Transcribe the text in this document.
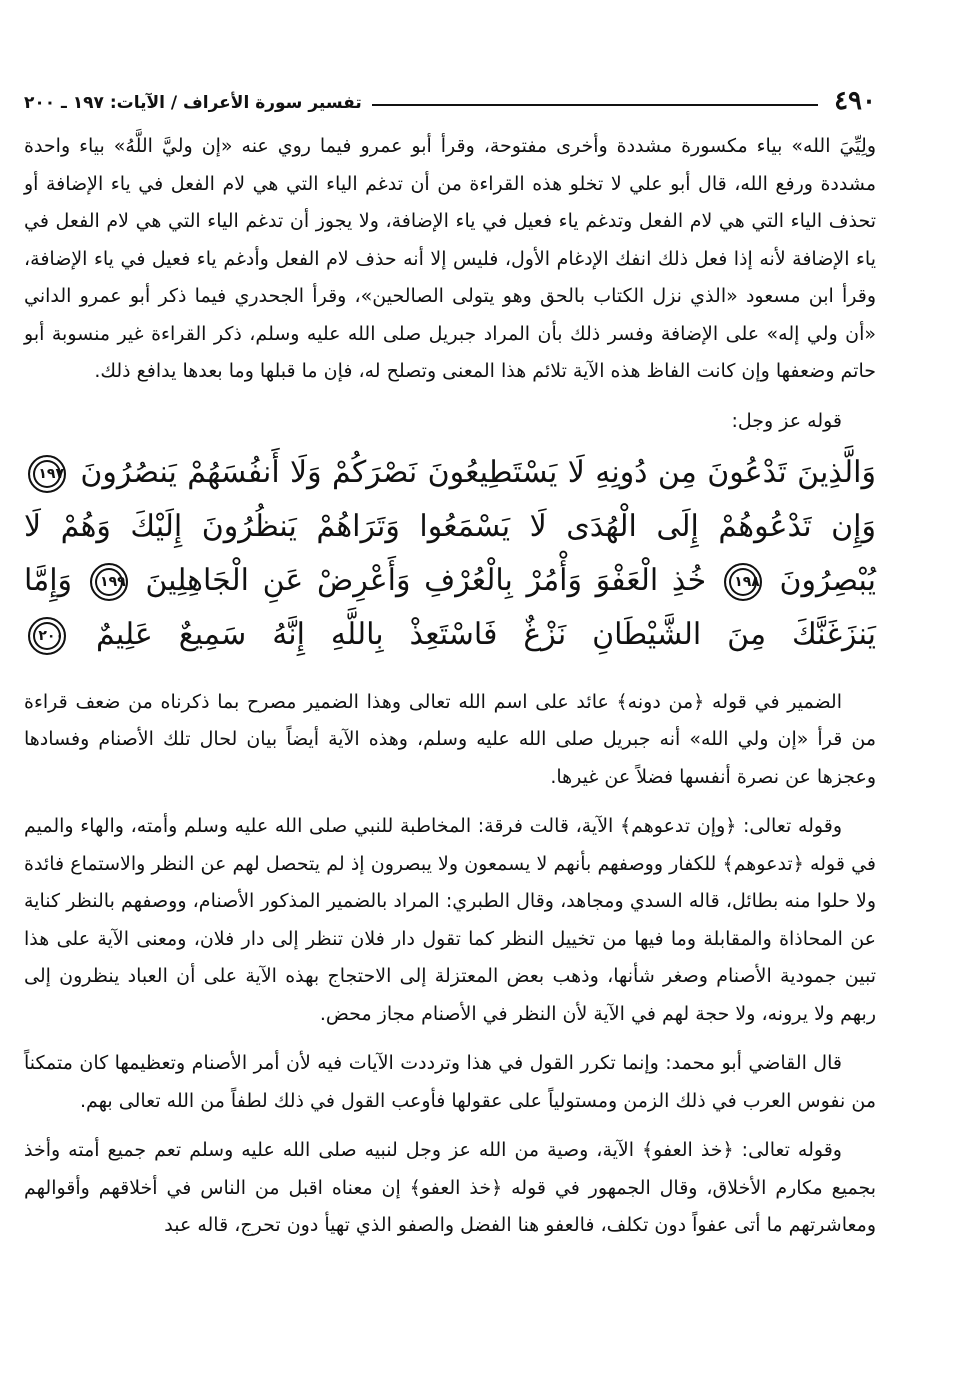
٤٩٠
تفسير سورة الأعراف / الآيات: ١٩٧ ـ ٢٠٠

ولِيِّيَ الله» بياء مكسورة مشددة وأخرى مفتوحة، وقرأ أبو عمرو فيما روي عنه «إن وليَّ اللَّهُ» بياء واحدة مشددة ورفع الله، قال أبو علي لا تخلو هذه القراءة من أن تدغم الياء التي هي لام الفعل في ياء الإضافة أو تحذف الياء التي هي لام الفعل وتدغم ياء فعيل في ياء الإضافة، ولا يجوز أن تدغم الياء التي هي لام الفعل في ياء الإضافة لأنه إذا فعل ذلك انفك الإدغام الأول، فليس إلا أنه حذف لام الفعل وأدغم ياء فعيل في ياء الإضافة، وقرأ ابن مسعود «الذي نزل الكتاب بالحق وهو يتولى الصالحين»، وقرأ الجحدري فيما ذكر أبو عمرو الداني «أن ولي إله» على الإضافة وفسر ذلك بأن المراد جبريل صلى الله عليه وسلم، ذكر القراءة غير منسوبة أبو حاتم وضعفها وإن كانت الفاظ هذه الآية تلائم هذا المعنى وتصلح له، فإن ما قبلها وما بعدها يدافع ذلك.

قوله عز وجل:

وَالَّذِينَ تَدْعُونَ مِن دُونِهِ لَا يَسْتَطِيعُونَ نَصْرَكُمْ وَلَا أَنفُسَهُمْ يَنصُرُونَ ١٩٧ وَإِن تَدْعُوهُمْ إِلَى الْهُدَى لَا يَسْمَعُوا وَتَرَاهُمْ يَنظُرُونَ إِلَيْكَ وَهُمْ لَا يُبْصِرُونَ ١٩٨ خُذِ الْعَفْوَ وَأْمُرْ بِالْعُرْفِ وَأَعْرِضْ عَنِ الْجَاهِلِينَ ١٩٩ وَإِمَّا يَنزَغَنَّكَ مِنَ الشَّيْطَانِ نَزْغٌ فَاسْتَعِذْ بِاللَّهِ إِنَّهُ سَمِيعٌ عَلِيمٌ ٢٠٠

الضمير في قوله ﴿من دونه﴾ عائد على اسم الله تعالى وهذا الضمير مصرح بما ذكرناه من ضعف قراءة من قرأ «إن ولي الله» أنه جبريل صلى الله عليه وسلم، وهذه الآية أيضاً بيان لحال تلك الأصنام وفسادها وعجزها عن نصرة أنفسها فضلاً عن غيرها.

وقوله تعالى: ﴿وإن تدعوهم﴾ الآية، قالت فرقة: المخاطبة للنبي صلى الله عليه وسلم وأمته، والهاء والميم في قوله ﴿تدعوهم﴾ للكفار ووصفهم بأنهم لا يسمعون ولا يبصرون إذ لم يتحصل لهم عن النظر والاستماع فائدة ولا حلوا منه بطائل، قاله السدي ومجاهد، وقال الطبري: المراد بالضمير المذكور الأصنام، ووصفهم بالنظر كناية عن المحاذاة والمقابلة وما فيها من تخييل النظر كما تقول دار فلان تنظر إلى دار فلان، ومعنى الآية على هذا تبين جمودية الأصنام وصغر شأنها، وذهب بعض المعتزلة إلى الاحتجاج بهذه الآية على أن العباد ينظرون إلى ربهم ولا يرونه، ولا حجة لهم في الآية لأن النظر في الأصنام مجاز محض.

قال القاضي أبو محمد: وإنما تكرر القول في هذا وترددت الآيات فيه لأن أمر الأصنام وتعظيمها كان متمكناً من نفوس العرب في ذلك الزمن ومستولياً على عقولها فأوعب القول في ذلك لطفاً من الله تعالى بهم.

وقوله تعالى: ﴿خذ العفو﴾ الآية، وصية من الله عز وجل لنبيه صلى الله عليه وسلم تعم جميع أمته وأخذ بجميع مكارم الأخلاق، وقال الجمهور في قوله ﴿خذ العفو﴾ إن معناه اقبل من الناس في أخلاقهم وأقوالهم ومعاشرتهم ما أتى عفواً دون تكلف، فالعفو هنا الفضل والصفو الذي تهيأ دون تحرج، قاله عبد
